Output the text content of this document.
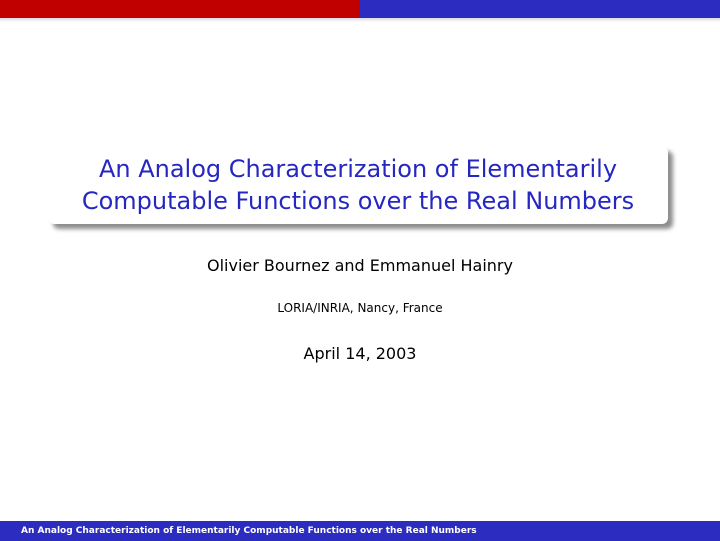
An Analog Characterization of Elementarily
Computable Functions over the Real Numbers
Olivier Bournez and Emmanuel Hainry
LORIA/INRIA, Nancy, France
April 14, 2003
An Analog Characterization of Elementarily Computable Functions over the Real Numbers
